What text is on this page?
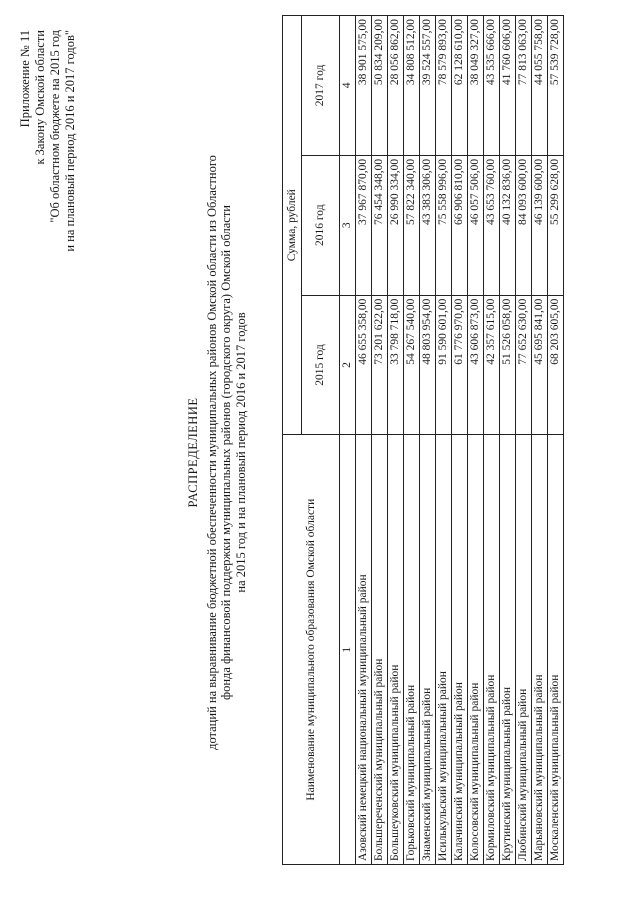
Приложение № 11 к Закону Омской области "Об областном бюджете на 2015 год и на плановый период 2016 и 2017 годов"
РАСПРЕДЕЛЕНИЕ дотаций на выравнивание бюджетной обеспеченности муниципальных районов Омской области из Областного фонда финансовой поддержки муниципальных районов (городского округа) Омской области на 2015 год и на плановый период 2016 и 2017 годов
Наименование муниципального образования Омской области	Сумма, рублей		
	2015 год	2016 год	2017 год
1	2	3	4
Азовский немецкий национальный муниципальный район	46 655 358,00	37 967 870,00	38 901 575,00
Большереченский муниципальный район	73 201 622,00	76 454 348,00	50 834 209,00
Большеуковский муниципальный район	33 798 718,00	26 990 334,00	28 056 862,00
Горьковский муниципальный район	54 267 540,00	57 822 340,00	34 808 512,00
Знаменский муниципальный район	48 803 954,00	43 383 306,00	39 524 557,00
Исилькульский муниципальный район	91 590 601,00	75 558 996,00	78 579 893,00
Калачинский муниципальный район	61 776 970,00	66 906 810,00	62 128 610,00
Колосовский муниципальный район	43 606 873,00	46 057 506,00	38 049 327,00
Кормиловский муниципальный район	42 357 615,00	43 653 760,00	43 535 666,00
Крутинский муниципальный район	51 526 058,00	40 132 836,00	41 760 606,00
Любинский муниципальный район	77 652 630,00	84 093 600,00	77 813 063,00
Марьяновский муниципальный район	45 695 841,00	46 139 600,00	44 055 758,00
Москаленский муниципальный район	68 203 605,00	55 299 628,00	57 539 728,00
